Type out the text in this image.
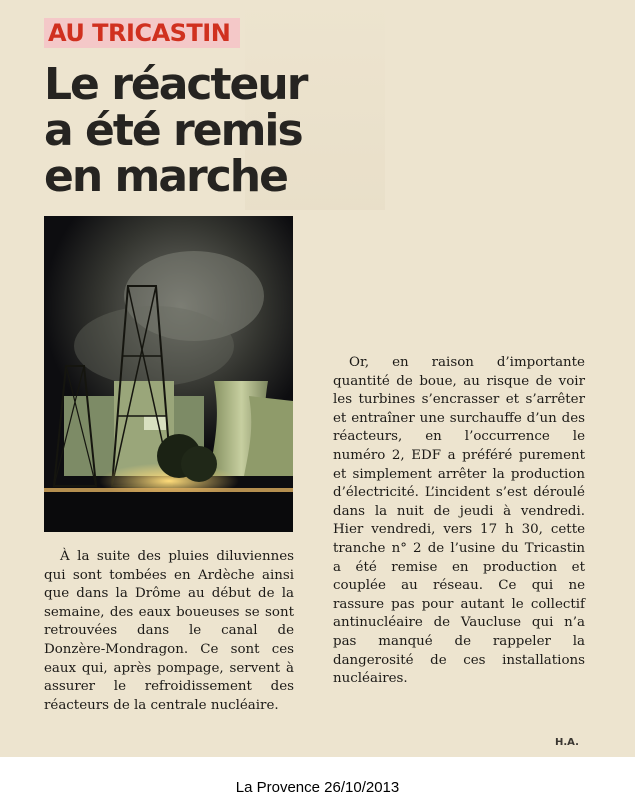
AU TRICASTIN
Le réacteur
a été remis
en marche

À la suite des pluies diluviennes qui sont tombées en Ardèche ainsi que dans la Drôme au début de la semaine, des eaux boueuses se sont retrouvées dans le canal de Donzère-Mondragon. Ce sont ces eaux qui, après pompage, servent à assurer le refroidissement des réacteurs de la centrale nucléaire.

Or, en raison d’importante quantité de boue, au risque de voir les turbines s’encrasser et s’arrêter et entraîner une surchauffe d’un des réacteurs, en l’occurrence le numéro 2, EDF a préféré purement et simplement arrêter la production d’électricité. L’incident s’est déroulé dans la nuit de jeudi à vendredi. Hier vendredi, vers 17 h 30, cette tranche n° 2 de l’usine du Tricastin a été remise en production et couplée au réseau. Ce qui ne rassure pas pour autant le collectif antinucléaire de Vaucluse qui n’a pas manqué de rappeler la dangerosité de ces installations nucléaires.

H.A.
La Provence 26/10/2013
